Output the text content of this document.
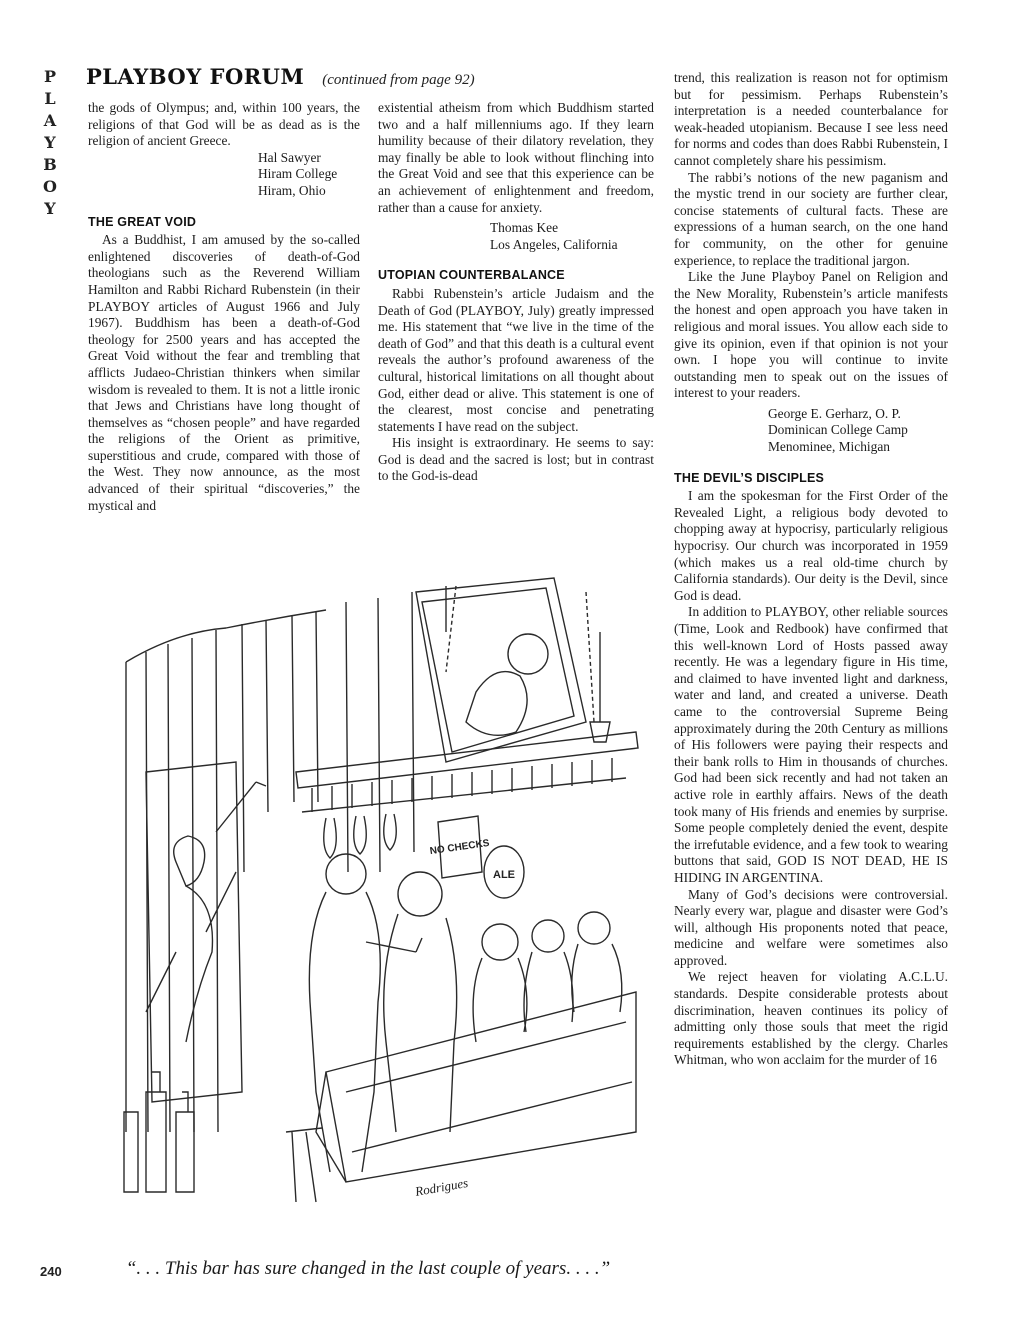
P
L
A
Y
B
O
Y
PLAYBOY FORUM (continued from page 92)

the gods of Olympus; and, within 100 years, the religions of that God will be as dead as is the religion of ancient Greece.

Hal Sawyer
Hiram College
Hiram, Ohio
THE GREAT VOID

As a Buddhist, I am amused by the so-called enlightened discoveries of death-of-God theologians such as the Reverend William Hamilton and Rabbi Richard Rubenstein (in their PLAYBOY articles of August 1966 and July 1967). Buddhism has been a death-of-God theology for 2500 years and has accepted the Great Void without the fear and trembling that afflicts Judaeo-Christian thinkers when similar wisdom is revealed to them. It is not a little ironic that Jews and Christians have long thought of themselves as “chosen people” and have regarded the religions of the Orient as primitive, superstitious and crude, compared with those of the West. They now announce, as the most advanced of their spiritual “discoveries,” the mystical and

existential atheism from which Buddhism started two and a half millenniums ago. If they learn humility because of their dilatory revelation, they may finally be able to look without flinching into the Great Void and see that this experience can be an achievement of enlightenment and freedom, rather than a cause for anxiety.

Thomas Kee
Los Angeles, California
UTOPIAN COUNTERBALANCE

Rabbi Rubenstein’s article Judaism and the Death of God (PLAYBOY, July) greatly impressed me. His statement that “we live in the time of the death of God” and that this death is a cultural event reveals the author’s profound awareness of the cultural, historical limitations on all thought about God, either dead or alive. This statement is one of the clearest, most concise and penetrating statements I have read on the subject.

His insight is extraordinary. He seems to say: God is dead and the sacred is lost; but in contrast to the God-is-dead

trend, this realization is reason not for optimism but for pessimism. Perhaps Rubenstein’s interpretation is a needed counterbalance for weak-headed utopianism. Because I see less need for norms and codes than does Rabbi Rubenstein, I cannot completely share his pessimism.

The rabbi’s notions of the new paganism and the mystic trend in our society are further clear, concise statements of cultural facts. These are expressions of a human search, on the one hand for community, on the other for genuine experience, to replace the traditional jargon.

Like the June Playboy Panel on Religion and the New Morality, Rubenstein’s article manifests the honest and open approach you have taken in religious and moral issues. You allow each side to give its opinion, even if that opinion is not your own. I hope you will continue to invite outstanding men to speak out on the issues of interest to your readers.

George E. Gerharz, O. P.
Dominican College Camp
Menominee, Michigan
THE DEVIL’S DISCIPLES

I am the spokesman for the First Order of the Revealed Light, a religious body devoted to chopping away at hypocrisy, particularly religious hypocrisy. Our church was incorporated in 1959 (which makes us a real old-time church by California standards). Our deity is the Devil, since God is dead.

In addition to PLAYBOY, other reliable sources (Time, Look and Redbook) have confirmed that this well-known Lord of Hosts passed away recently. He was a legendary figure in His time, and claimed to have invented light and darkness, water and land, and created a universe. Death came to the controversial Supreme Being approximately during the 20th Century as millions of His followers were paying their respects and their bank rolls to Him in thousands of churches. God had been sick recently and had not taken an active role in earthly affairs. News of the death took many of His friends and enemies by surprise. Some people completely denied the event, despite the irrefutable evidence, and a few took to wearing buttons that said, GOD IS NOT DEAD, HE IS HIDING IN ARGENTINA.

Many of God’s decisions were controversial. Nearly every war, plague and disaster were God’s will, although His proponents noted that peace, medicine and welfare were sometimes also approved.

We reject heaven for violating A.C.L.U. standards. Despite considerable protests about discrimination, heaven continues its policy of admitting only those souls that meet the rigid requirements established by the clergy. Charles Whitman, who won acclaim for the murder of 16

NO CHECKS
ALE
Rodrigues
“. . . This bar has sure changed in the last couple of years. . . .”
240
